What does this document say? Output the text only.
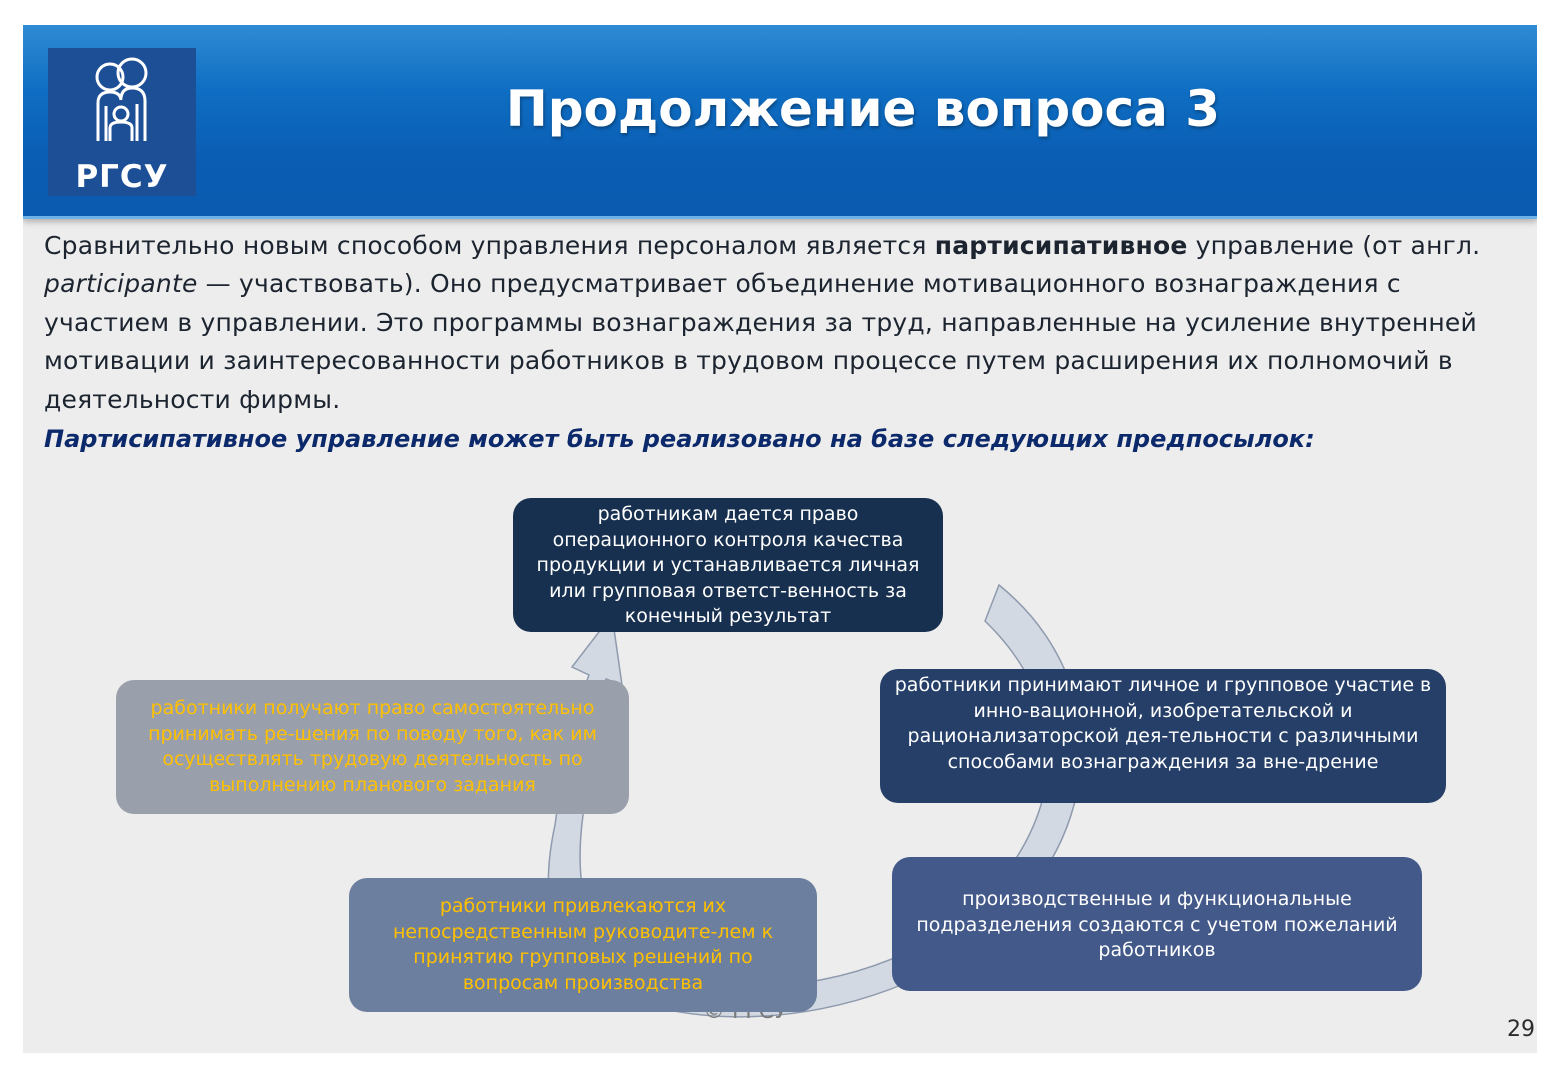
РГСУ
Продолжение вопроса 3
Сравнительно новым способом управления персоналом является партисипативное управление (от англ. participante — участвовать). Оно предусматривает объединение мотивационного вознаграждения с участием в управлении. Это программы вознаграждения за труд, направленные на усиление внутренней мотивации и заинтересованности работников в трудовом процессе путем расширения их полномочий в деятельности фирмы.
Партисипативное управление может быть реализовано на базе следующих предпосылок:
работникам дается право операционного контроля качества продукции и устанавливается личная или групповая ответст-венность за конечный результат
работники принимают личное и групповое участие в инно-вационной, изобретательской и рационализаторской дея-тельности с различными способами вознаграждения за вне-дрение
производственные и функциональные подразделения создаются с учетом пожеланий работников
работники привлекаются их непосредственным руководите-лем к принятию групповых решений по вопросам производства
работники получают право самостоятельно принимать ре-шения по поводу того, как им осуществлять трудовую деятельность по выполнению планового задания
29
